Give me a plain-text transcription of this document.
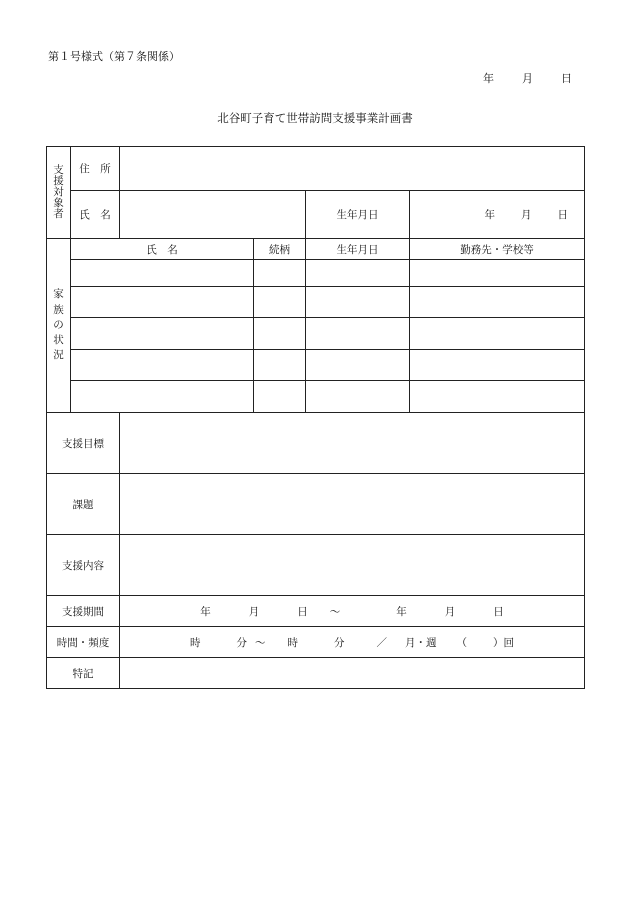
第１号様式（第７条関係）
年	月	日
北谷町子育て世帯訪問支援事業計画書
支
援
対
象
者	住　所				
	氏　名			生年月日	年 月 日

家
族
の
状
況	氏　名		続柄	生年月日	勤務先・学校等

支援目標					
課題					
支援内容					
支援期間		年 月 日 ～ 年 月 日			
時間・頻度		時 分 ～ 時 分 ／ 月・週 （ ）回			
特記					
